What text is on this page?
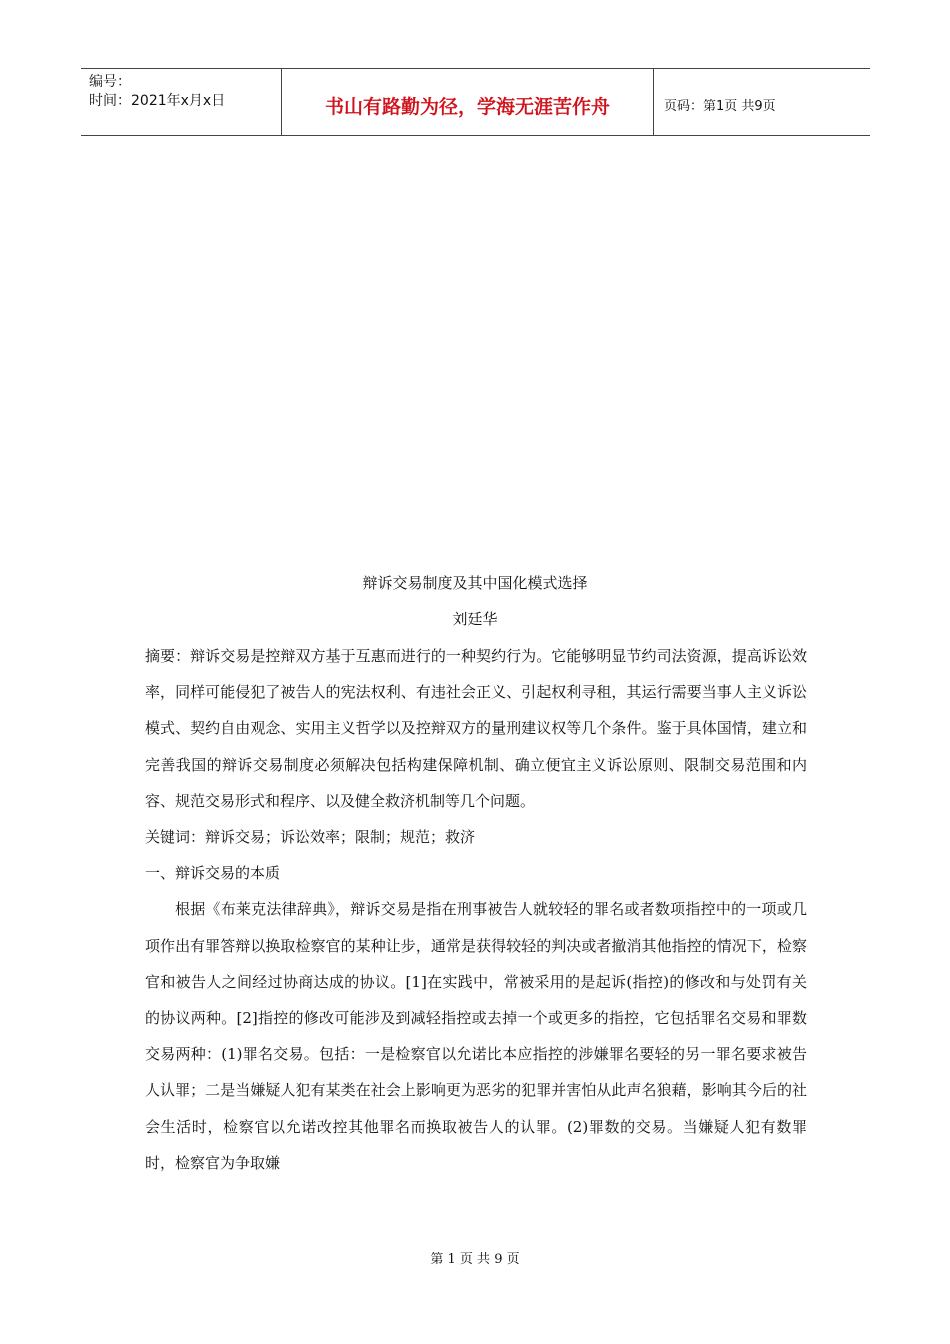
编号：
时间：2021年x月x日	书山有路勤为径，学海无涯苦作舟	页码：第1页 共9页
辩诉交易制度及其中国化模式选择
刘廷华

摘要：辩诉交易是控辩双方基于互惠而进行的一种契约行为。它能够明显节约司法资源，提高诉讼效率，同样可能侵犯了被告人的宪法权利、有违社会正义、引起权利寻租，其运行需要当事人主义诉讼模式、契约自由观念、实用主义哲学以及控辩双方的量刑建议权等几个条件。鉴于具体国情，建立和完善我国的辩诉交易制度必须解决包括构建保障机制、确立便宜主义诉讼原则、限制交易范围和内容、规范交易形式和程序、以及健全救济机制等几个问题。

关键词：辩诉交易；诉讼效率；限制；规范；救济

一、辩诉交易的本质

根据《布莱克法律辞典》，辩诉交易是指在刑事被告人就较轻的罪名或者数项指控中的一项或几项作出有罪答辩以换取检察官的某种让步，通常是获得较轻的判决或者撤消其他指控的情况下，检察官和被告人之间经过协商达成的协议。[1]在实践中，常被采用的是起诉(指控)的修改和与处罚有关的协议两种。[2]指控的修改可能涉及到减轻指控或去掉一个或更多的指控，它包括罪名交易和罪数交易两种：(1)罪名交易。包括：一是检察官以允诺比本应指控的涉嫌罪名要轻的另一罪名要求被告人认罪；二是当嫌疑人犯有某类在社会上影响更为恶劣的犯罪并害怕从此声名狼藉，影响其今后的社会生活时，检察官以允诺改控其他罪名而换取被告人的认罪。(2)罪数的交易。当嫌疑人犯有数罪时，检察官为争取嫌

第 1 页 共 9 页
